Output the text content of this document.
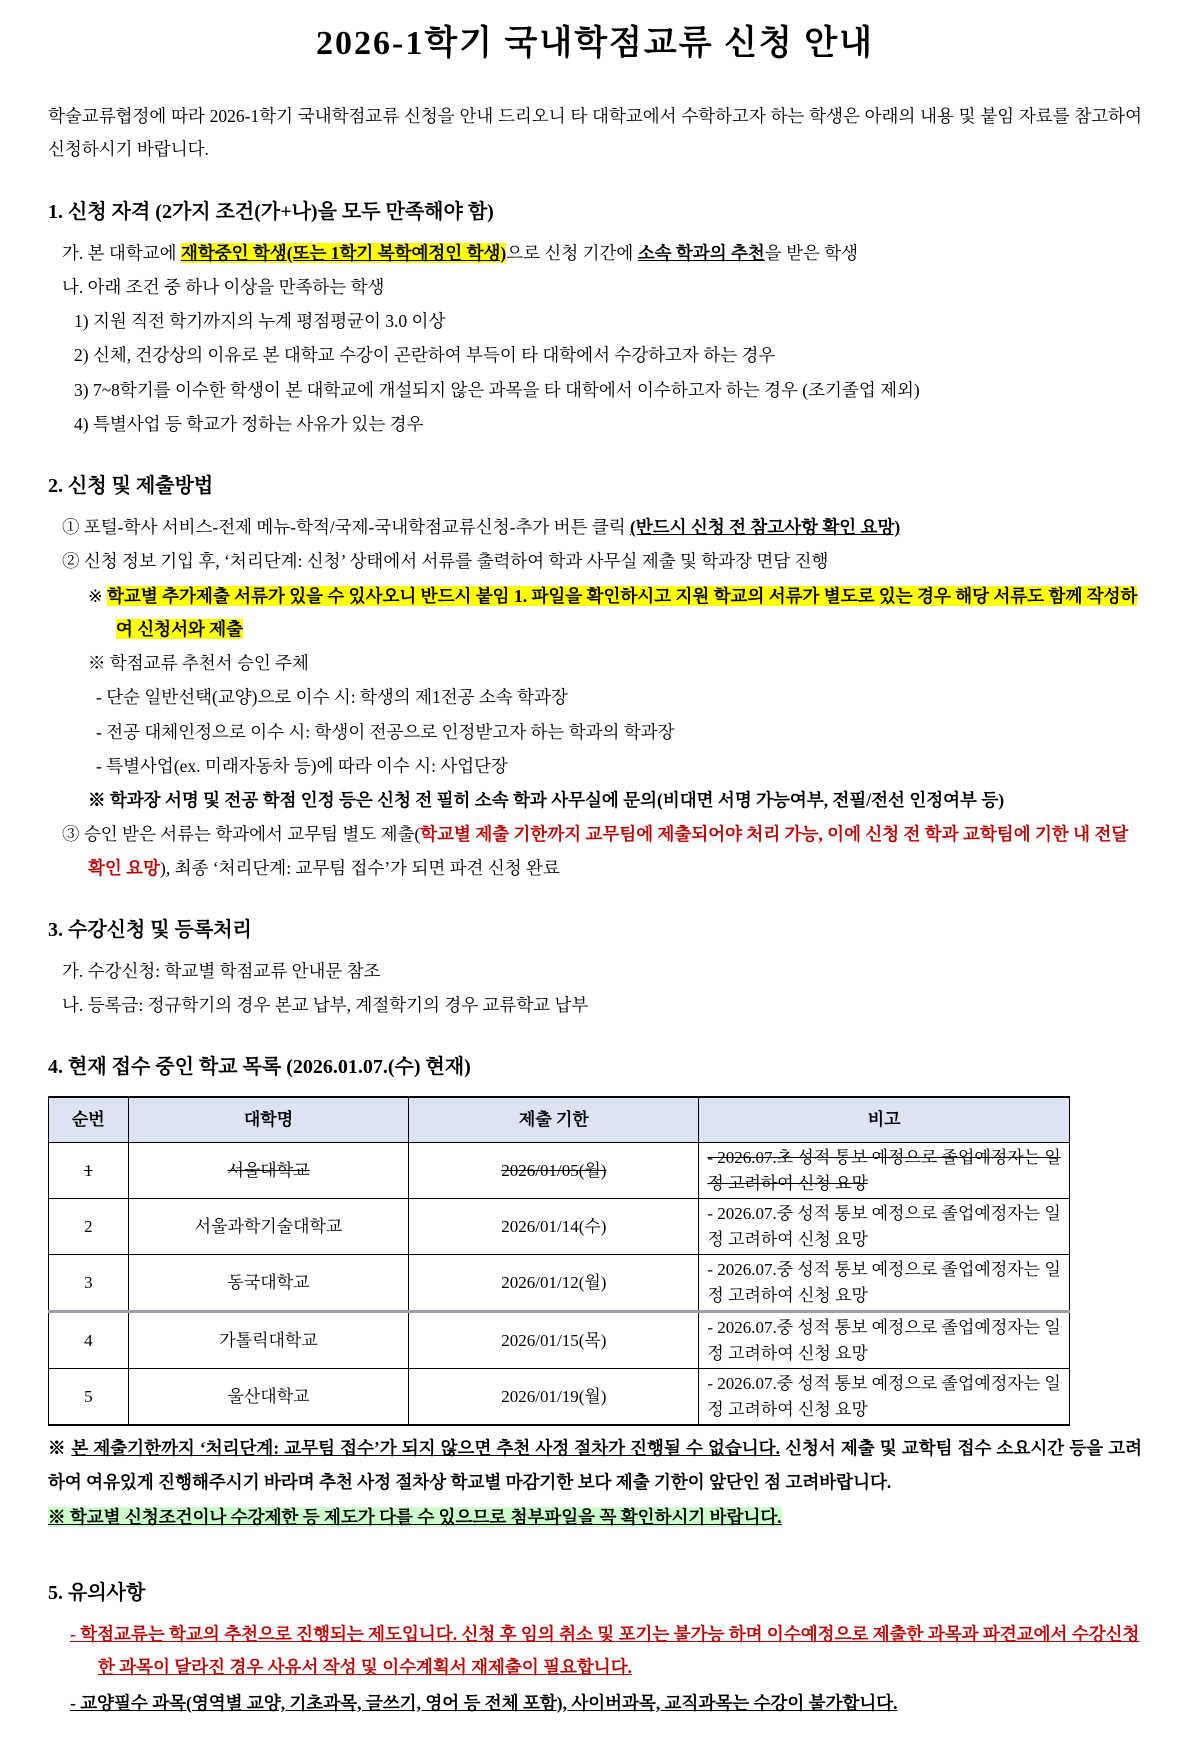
2026-1학기 국내학점교류 신청 안내

학술교류협정에 따라 2026-1학기 국내학점교류 신청을 안내 드리오니 타 대학교에서 수학하고자 하는 학생은 아래의 내용 및 붙임 자료를 참고하여 신청하시기 바랍니다.

1. 신청 자격 (2가지 조건(가+나)을 모두 만족해야 함)
가. 본 대학교에 재학중인 학생(또는 1학기 복학예정인 학생)으로 신청 기간에 소속 학과의 추천을 받은 학생
나. 아래 조건 중 하나 이상을 만족하는 학생
1) 지원 직전 학기까지의 누계 평점평균이 3.0 이상
2) 신체, 건강상의 이유로 본 대학교 수강이 곤란하여 부득이 타 대학에서 수강하고자 하는 경우
3) 7~8학기를 이수한 학생이 본 대학교에 개설되지 않은 과목을 타 대학에서 이수하고자 하는 경우 (조기졸업 제외)
4) 특별사업 등 학교가 정하는 사유가 있는 경우
2. 신청 및 제출방법
① 포털-학사 서비스-전제 메뉴-학적/국제-국내학점교류신청-추가 버튼 클릭 (반드시 신청 전 참고사항 확인 요망)
② 신청 정보 기입 후, ‘처리단계: 신청’ 상태에서 서류를 출력하여 학과 사무실 제출 및 학과장 면담 진행
※ 학교별 추가제출 서류가 있을 수 있사오니 반드시 붙임 1. 파일을 확인하시고 지원 학교의 서류가 별도로 있는 경우 해당 서류도 함께 작성하여 신청서와 제출
※ 학점교류 추천서 승인 주체
- 단순 일반선택(교양)으로 이수 시: 학생의 제1전공 소속 학과장
- 전공 대체인정으로 이수 시: 학생이 전공으로 인정받고자 하는 학과의 학과장
- 특별사업(ex. 미래자동차 등)에 따라 이수 시: 사업단장
※ 학과장 서명 및 전공 학점 인정 등은 신청 전 필히 소속 학과 사무실에 문의(비대면 서명 가능여부, 전필/전선 인정여부 등)
③ 승인 받은 서류는 학과에서 교무팀 별도 제출(학교별 제출 기한까지 교무팀에 제출되어야 처리 가능, 이에 신청 전 학과 교학팀에 기한 내 전달 확인 요망), 최종 ‘처리단계: 교무팀 접수’가 되면 파견 신청 완료
3. 수강신청 및 등록처리
가. 수강신청: 학교별 학점교류 안내문 참조
나. 등록금: 정규학기의 경우 본교 납부, 계절학기의 경우 교류학교 납부
4. 현재 접수 중인 학교 목록 (2026.01.07.(수) 현재)
순번	대학명	제출 기한	비고
1	서울대학교	2026/01/05(월)	- 2026.07.초 성적 통보 예정으로 졸업예정자는 일정 고려하여 신청 요망
2	서울과학기술대학교	2026/01/14(수)	- 2026.07.중 성적 통보 예정으로 졸업예정자는 일정 고려하여 신청 요망
3	동국대학교	2026/01/12(월)	- 2026.07.중 성적 통보 예정으로 졸업예정자는 일정 고려하여 신청 요망
4	가톨릭대학교	2026/01/15(목)	- 2026.07.중 성적 통보 예정으로 졸업예정자는 일정 고려하여 신청 요망
5	울산대학교	2026/01/19(월)	- 2026.07.중 성적 통보 예정으로 졸업예정자는 일정 고려하여 신청 요망

※ 본 제출기한까지 ‘처리단계: 교무팀 접수’가 되지 않으면 추천 사정 절차가 진행될 수 없습니다. 신청서 제출 및 교학팀 접수 소요시간 등을 고려하여 여유있게 진행해주시기 바라며 추천 사정 절차상 학교별 마감기한 보다 제출 기한이 앞단인 점 고려바랍니다.

※ 학교별 신청조건이나 수강제한 등 제도가 다를 수 있으므로 첨부파일을 꼭 확인하시기 바랍니다.

5. 유의사항
- 학점교류는 학교의 추천으로 진행되는 제도입니다. 신청 후 임의 취소 및 포기는 불가능 하며 이수예정으로 제출한 과목과 파견교에서 수강신청한 과목이 달라진 경우 사유서 작성 및 이수계획서 재제출이 필요합니다.
- 교양필수 과목(영역별 교양, 기초과목, 글쓰기, 영어 등 전체 포함), 사이버과목, 교직과목는 수강이 불가합니다.
